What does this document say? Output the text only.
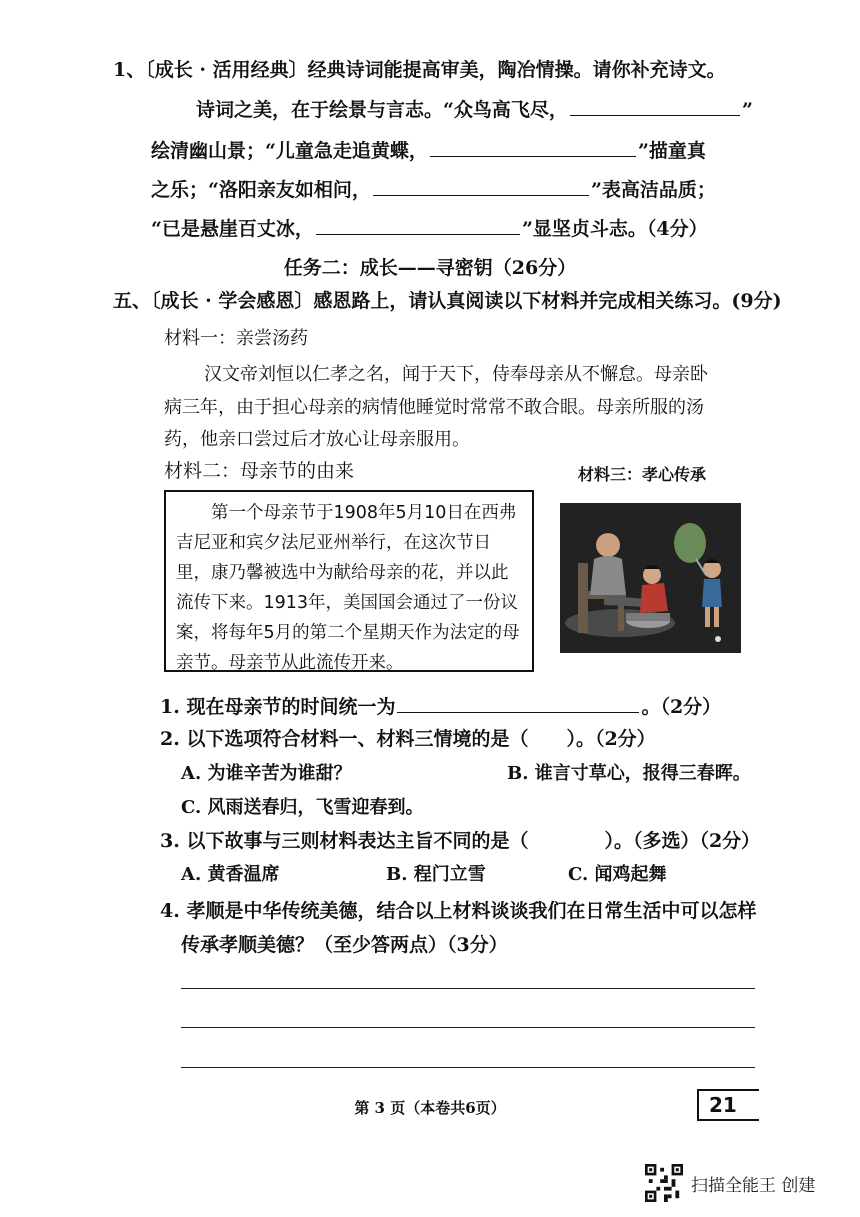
1、〔成长 · 活用经典〕经典诗词能提高审美，陶冶情操。请你补充诗文。
诗词之美，在于绘景与言志。“众鸟高飞尽，	”
绘清幽山景；“儿童急走追黄蝶，	”描童真
之乐；“洛阳亲友如相问，	”表高洁品质；
“已是悬崖百丈冰，	”显坚贞斗志。（4分）
任务二：成长——寻密钥（26分）
五、〔成长 · 学会感恩〕感恩路上，请认真阅读以下材料并完成相关练习。(9分)
材料一：亲尝汤药
汉文帝刘恒以仁孝之名，闻于天下，侍奉母亲从不懈怠。母亲卧
病三年，由于担心母亲的病情他睡觉时常常不敢合眼。母亲所服的汤
药，他亲口尝过后才放心让母亲服用。
材料二：母亲节的由来	材料三：孝心传承

第一个母亲节于1908年5月10日在西弗吉尼亚和宾夕法尼亚州举行，在这次节日里，康乃馨被选中为献给母亲的花，并以此流传下来。1913年，美国国会通过了一份议案，将每年5月的第二个星期天作为法定的母亲节。母亲节从此流传开来。

1. 现在母亲节的时间统一为	。（2分）
2. 以下选项符合材料一、材料三情境的是（　　）。（2分）
A. 为谁辛苦为谁甜？	B. 谁言寸草心，报得三春晖。
C. 风雨送春归，飞雪迎春到。
3. 以下故事与三则材料表达主旨不同的是（　　　　）。（多选）（2分）
A. 黄香温席	B. 程门立雪	C. 闻鸡起舞
4. 孝顺是中华传统美德，结合以上材料谈谈我们在日常生活中可以怎样
传承孝顺美德？（至少答两点）（3分）
第 3 页（本卷共6页）	21
扫描全能王 创建
